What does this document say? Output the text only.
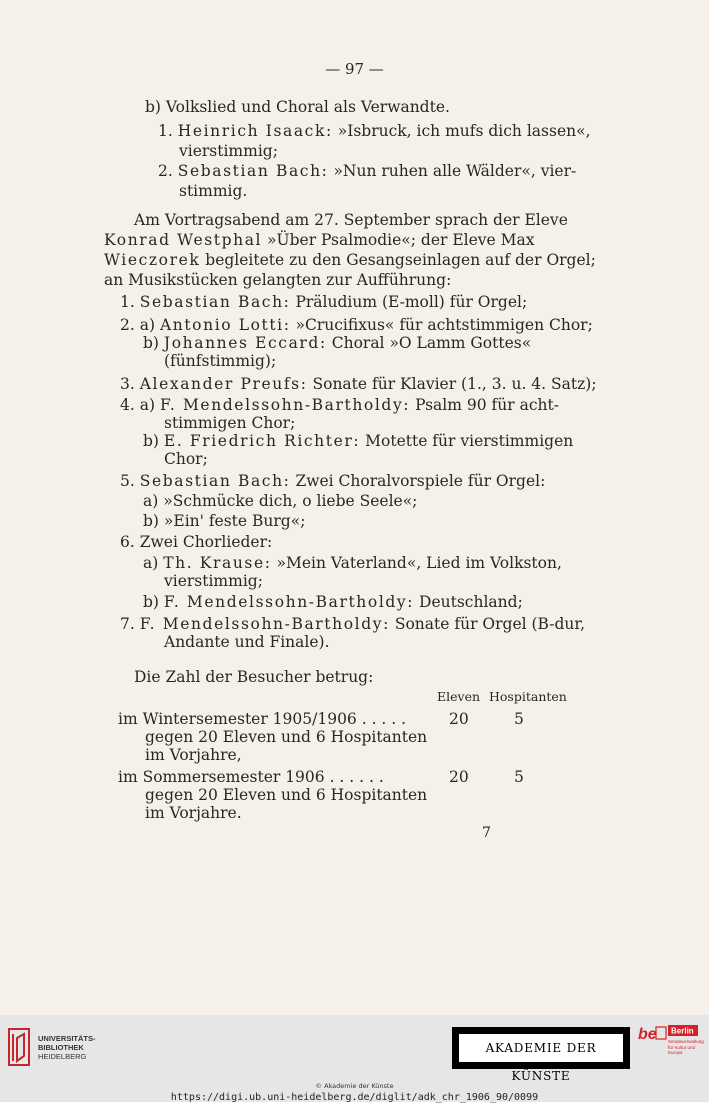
— 97 —
b) Volkslied und Choral als Verwandte.
1. Heinrich Isaack: »Isbruck, ich mufs dich lassen«,
vierstimmig;
2. Sebastian Bach: »Nun ruhen alle Wälder«, vier-
stimmig.
Am Vortragsabend am 27. September sprach der Eleve
Konrad Westphal »Über Psalmodie«; der Eleve Max
Wieczorek begleitete zu den Gesangseinlagen auf der Orgel;
an Musikstücken gelangten zur Aufführung:
1. Sebastian Bach: Präludium (E-moll) für Orgel;
2. a) Antonio Lotti: »Crucifixus« für achtstimmigen Chor;
b) Johannes Eccard: Choral »O Lamm Gottes«
(fünfstimmig);
3. Alexander Preufs: Sonate für Klavier (1., 3. u. 4. Satz);
4. a) F. Mendelssohn-Bartholdy: Psalm 90 für acht-
stimmigen Chor;
b) E. Friedrich Richter: Motette für vierstimmigen
Chor;
5. Sebastian Bach: Zwei Choralvorspiele für Orgel:
a) »Schmücke dich, o liebe Seele«;
b) »Ein' feste Burg«;
6. Zwei Chorlieder:
a) Th. Krause: »Mein Vaterland«, Lied im Volkston,
vierstimmig;
b) F. Mendelssohn-Bartholdy: Deutschland;
7. F. Mendelssohn-Bartholdy: Sonate für Orgel (B-dur,
Andante und Finale).
Die Zahl der Besucher betrug:
Eleven Hospitanten
im Wintersemester 1905/1906 . . . . .	20	5
gegen 20 Eleven und 6 Hospitanten
im Vorjahre,
im Sommersemester 1906 . . . . . .	20	5
gegen 20 Eleven und 6 Hospitanten
im Vorjahre.
7
UNIVERSITÄTS-
BIBLIOTHEK
HEIDELBERG
AKADEMIE DER KÜNSTE
be Berlin
Senatsverwaltung für Kultur und Europa
© Akademie der Künste
https://digi.ub.uni-heidelberg.de/diglit/adk_chr_1906_90/0099
